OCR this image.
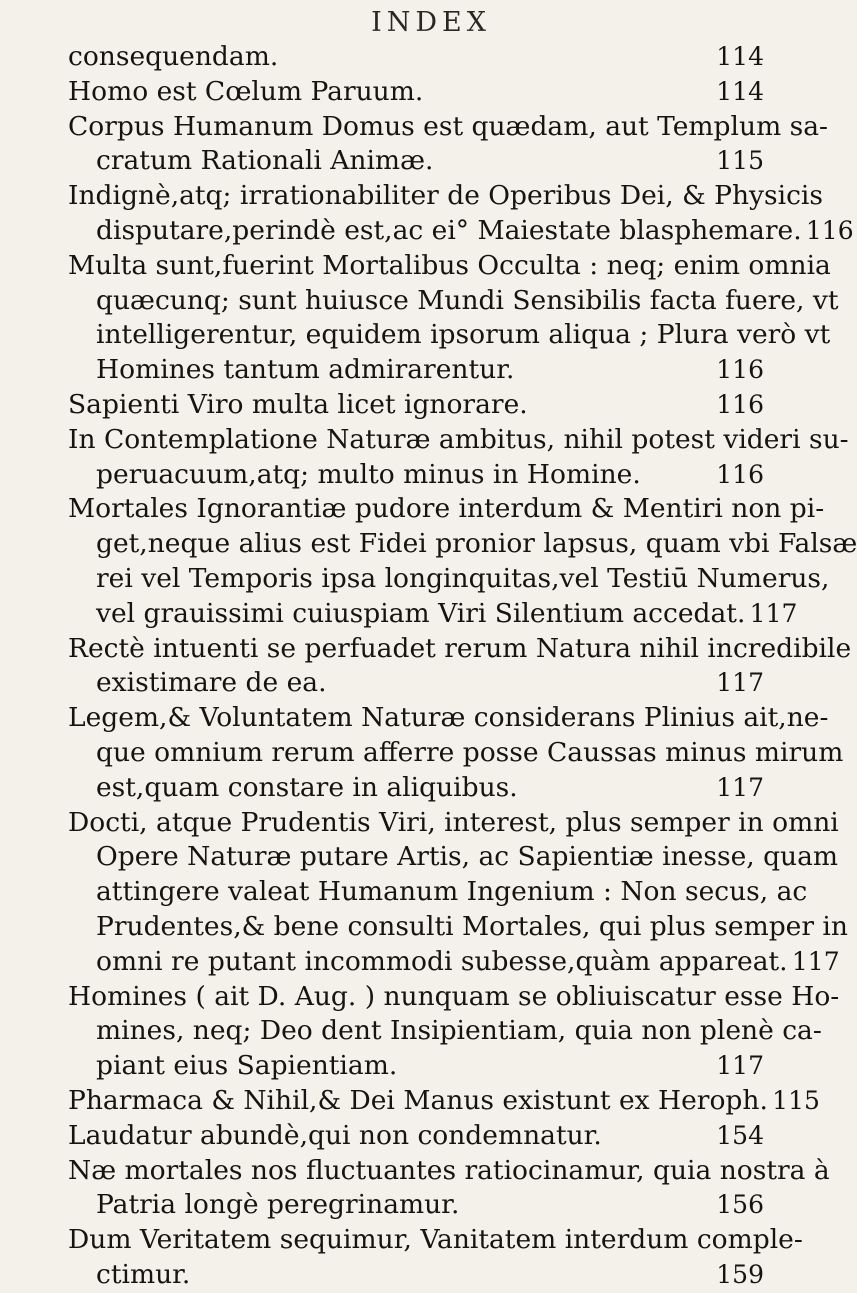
INDEX
consequendam.	114
Homo est Cœlum Paruum.	114
Corpus Humanum Domus est quædam, aut Templum sa-
cratum Rationali Animæ.	115
Indignè,atq; irrationabiliter de Operibus Dei, & Physicis
disputare,perindè est,ac ei° Maiestate blasphemare. 116
Multa sunt,fuerint Mortalibus Occulta : neq; enim omnia
quæcunq; sunt huiusce Mundi Sensibilis facta fuere, vt
intelligerentur, equidem ipsorum aliqua ; Plura verò vt
Homines tantum admirarentur.	116
Sapienti Viro multa licet ignorare.	116
In Contemplatione Naturæ ambitus, nihil potest videri su-
peruacuum,atq; multo minus in Homine.	116
Mortales Ignorantiæ pudore interdum & Mentiri non pi-
get,neque alius est Fidei pronior lapsus, quam vbi Falsæ
rei vel Temporis ipsa longinquitas,vel Testiū Numerus,
vel grauissimi cuiuspiam Viri Silentium accedat. 117
Rectè intuenti se perfuadet rerum Natura nihil incredibile
existimare de ea.	117
Legem,& Voluntatem Naturæ considerans Plinius ait,ne-
que omnium rerum afferre posse Caussas minus mirum
est,quam constare in aliquibus.	117
Docti, atque Prudentis Viri, interest, plus semper in omni
Opere Naturæ putare Artis, ac Sapientiæ inesse, quam
attingere valeat Humanum Ingenium : Non secus, ac
Prudentes,& bene consulti Mortales, qui plus semper in
omni re putant incommodi subesse,quàm appareat. 117
Homines ( ait D. Aug. ) nunquam se obliuiscatur esse Ho-
mines, neq; Deo dent Insipientiam, quia non plenè ca-
piant eius Sapientiam.	117
Pharmaca & Nihil,& Dei Manus existunt ex Heroph. 115
Laudatur abundè,qui non condemnatur.	154
Næ mortales nos fluctuantes ratiocinamur, quia nostra à
Patria longè peregrinamur.	156
Dum Veritatem sequimur, Vanitatem interdum comple-
ctimur.	159
